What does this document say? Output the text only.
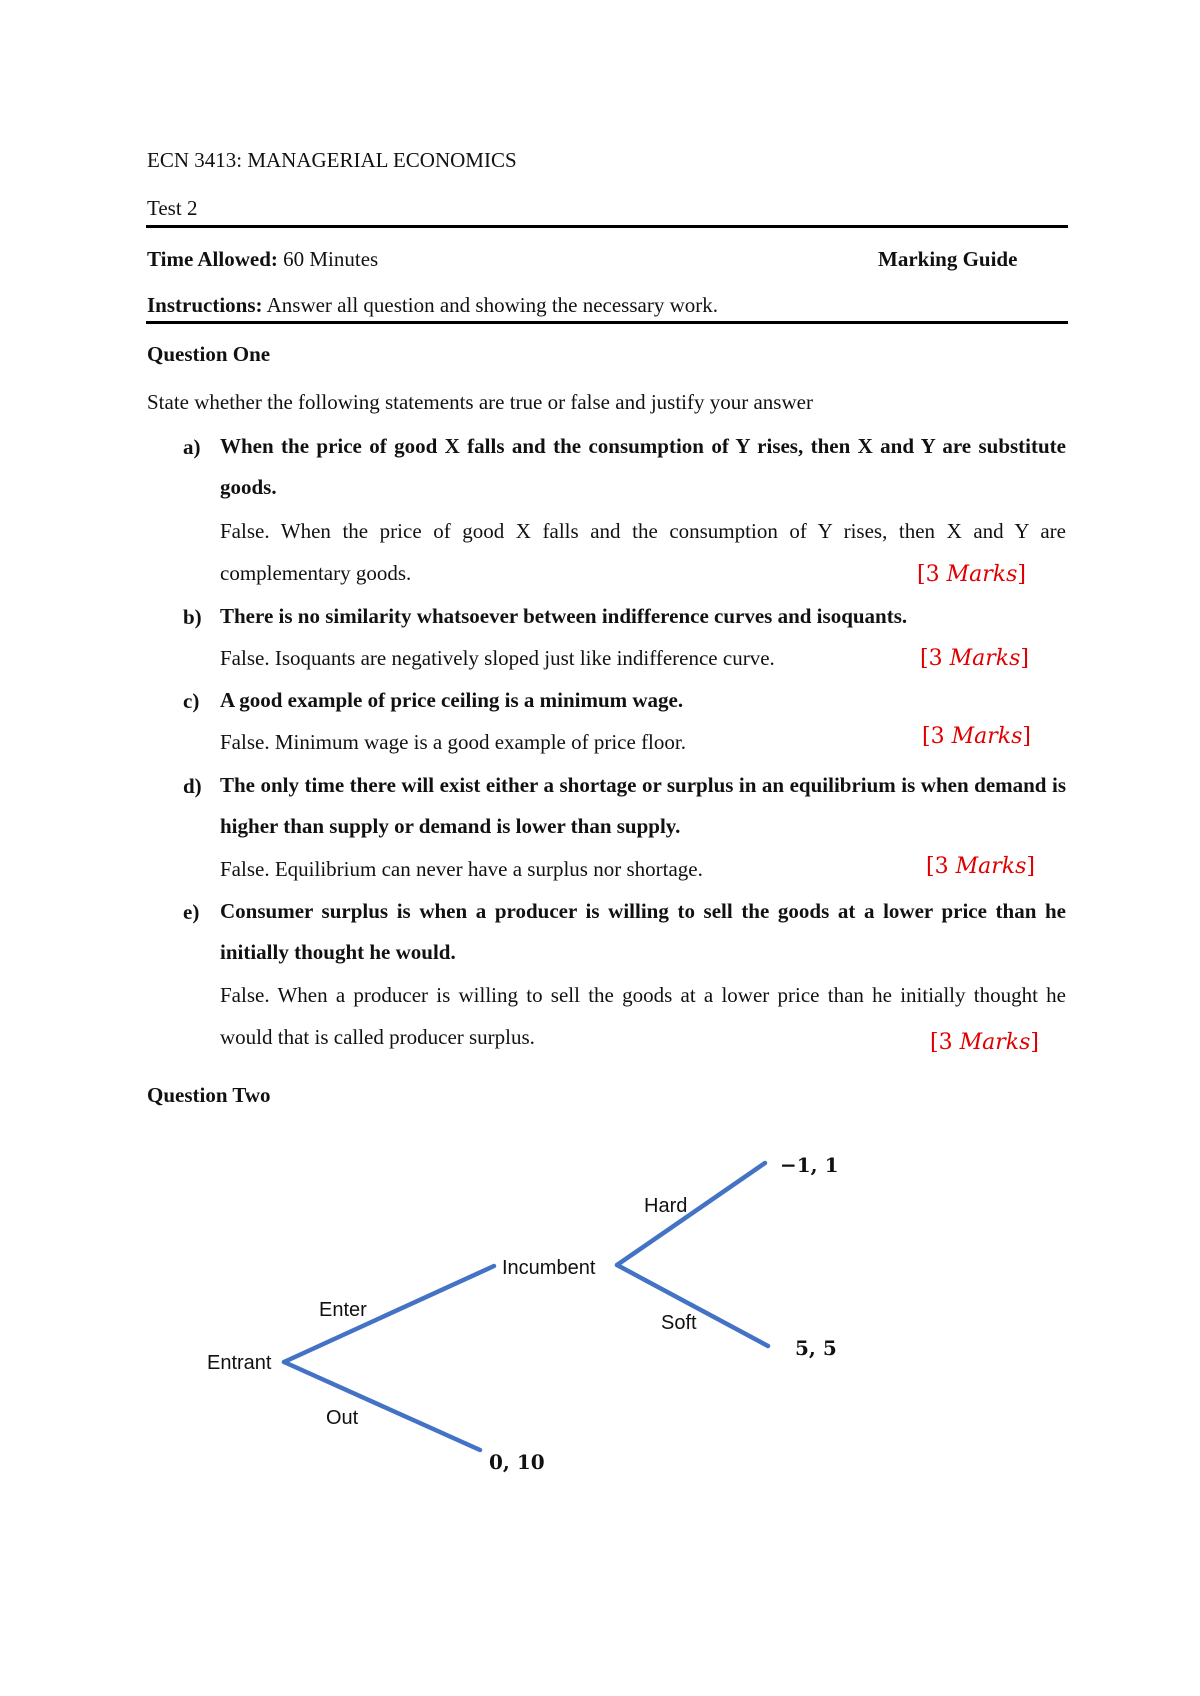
ECN 3413: MANAGERIAL ECONOMICS
Test 2
Time Allowed: 60 Minutes	Marking Guide
Instructions: Answer all question and showing the necessary work.
Question One
State whether the following statements are true or false and justify your answer
a) When the price of good X falls and the consumption of Y rises, then X and Y are substitute goods.
False. When the price of good X falls and the consumption of Y rises, then X and Y are complementary goods.	[3 Marks]
b) There is no similarity whatsoever between indifference curves and isoquants.
False. Isoquants are negatively sloped just like indifference curve.	[3 Marks]
c) A good example of price ceiling is a minimum wage.
False. Minimum wage is a good example of price floor.	[3 Marks]
d) The only time there will exist either a shortage or surplus in an equilibrium is when demand is higher than supply or demand is lower than supply.
False. Equilibrium can never have a surplus nor shortage.	[3 Marks]
e) Consumer surplus is when a producer is willing to sell the goods at a lower price than he initially thought he would.
False. When a producer is willing to sell the goods at a lower price than he initially thought he would that is called producer surplus.	[3 Marks]
Question Two
Entrant
Incumbent
Enter
Out
Hard
Soft
−1, 1
5, 5
0, 10
